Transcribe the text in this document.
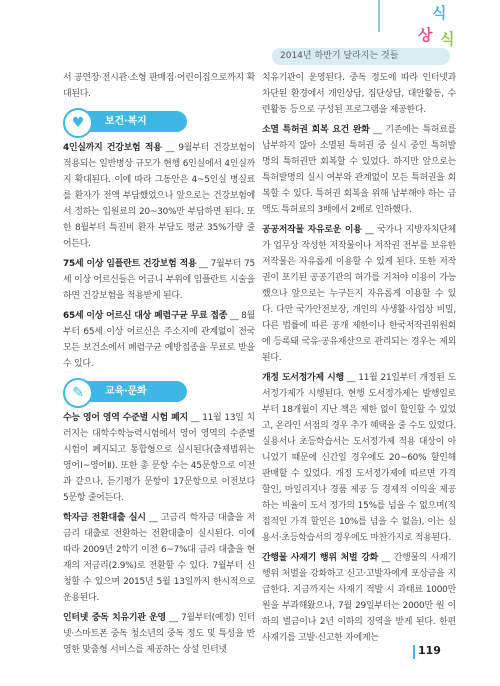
식
상 식
2014년 하반기 달라지는 것들

서 공연장·전시관·소형 판매점·어린이집으로까지 확대된다.

보건·복지
♥

4인실까지 건강보험 적용 __ 9월부터 건강보험이 적용되는 일반병상 규모가 현행 6인실에서 4인실까지 확대된다. 이에 따라 그동안은 4~5인실 병실료를 환자가 전액 부담했었으나 앞으로는 건강보험에서 정하는 입원료의 20~30%만 부담하면 된다. 또한 8월부터 특진비 환자 부담도 평균 35%가량 줄어든다.

75세 이상 임플란트 건강보험 적용 __ 7월부터 75세 이상 어르신들은 어금니 부위에 임플란트 시술을 하면 건강보험을 적용받게 된다.

65세 이상 어르신 대상 폐렴구균 무료 접종 __ 8월부터 65세 이상 어르신은 주소지에 관계없이 전국 모든 보건소에서 폐렴구균 예방접종을 무료로 받을 수 있다.

교육·문화
✎

수능 영어 영역 수준별 시험 폐지 __ 11월 13일 치러지는 대학수학능력시험에서 영어 영역의 수준별 시험이 폐지되고 통합형으로 실시된다(출제범위는 영어Ⅰ~영어Ⅱ). 또한 총 문항 수는 45문항으로 이전과 같으나, 듣기평가 문항이 17문항으로 이전보다 5문항 줄어든다.

학자금 전환대출 실시 __ 고금리 학자금 대출을 저금리 대출로 전환하는 전환대출이 실시된다. 이에 따라 2009년 2학기 이전 6~7%대 금리 대출을 현재의 저금리(2.9%)로 전환할 수 있다. 7월부터 신청할 수 있으며 2015년 5월 13일까지 한시적으로 운용된다.

인터넷 중독 치유기관 운영 __ 7월부터(예정) 인터넷·스마트폰 중독 청소년의 중독 정도 및 특성을 반영한 맞춤형 서비스를 제공하는 상설 인터넷

치유기관이 운영된다. 중독 정도에 따라 인터넷과 차단된 환경에서 개인상담, 집단상담, 대안활동, 수련활동 등으로 구성된 프로그램을 제공한다.

소멸 특허권 회복 요건 완화 __ 기존에는 특허료를 납부하지 않아 소멸된 특허권 중 실시 중인 특허발명의 특허권만 회복할 수 있었다. 하지만 앞으로는 특허발명의 실시 여부와 관계없이 모든 특허권을 회복할 수 있다. 특허권 회복을 위해 납부해야 하는 금액도 특허료의 3배에서 2배로 인하했다.

공공저작물 자유로운 이용 __ 국가나 지방자치단체가 업무상 작성한 저작물이나 저작권 전부를 보유한 저작물은 자유롭게 이용할 수 있게 된다. 또한 저작권이 포기된 공공기관의 허가를 거쳐야 이용이 가능했으나 앞으로는 누구든지 자유롭게 이용할 수 있다. 다만 국가안전보장, 개인의 사생활·사업상 비밀, 다른 법률에 따른 공개 제한이나 한국저작권위원회에 등록돼 국유·공유재산으로 관리되는 경우는 제외된다.

개정 도서정가제 시행 __ 11월 21일부터 개정된 도서정가제가 시행된다. 현행 도서정가제는 발행일로부터 18개월이 지난 책은 제한 없이 할인할 수 있었고, 온라인 서점의 경우 추가 혜택을 줄 수도 있었다. 실용서나 초등학습서는 도서정가제 적용 대상이 아니었기 때문에 신간일 경우에도 20~60% 할인해 판매할 수 있었다. 개정 도서정가제에 따르면 가격 할인, 마일리지나 경품 제공 등 경제적 이익을 제공하는 비율이 도서 정가의 15%를 넘을 수 없으며(직접적인 가격 할인은 10%를 넘을 수 없음), 이는 실용서·초등학습서의 경우에도 마찬가지로 적용된다.

간행물 사재기 행위 처벌 강화 __ 간행물의 사재기 행위 처벌을 강화하고 신고·고발자에게 포상금을 지급한다. 지금까지는 사재기 적발 시 과태료 1000만 원을 부과해왔으나, 7월 29일부터는 2000만 원 이하의 벌금이나 2년 이하의 징역을 받게 된다. 한편 사재기를 고발·신고한 자에게는

119
